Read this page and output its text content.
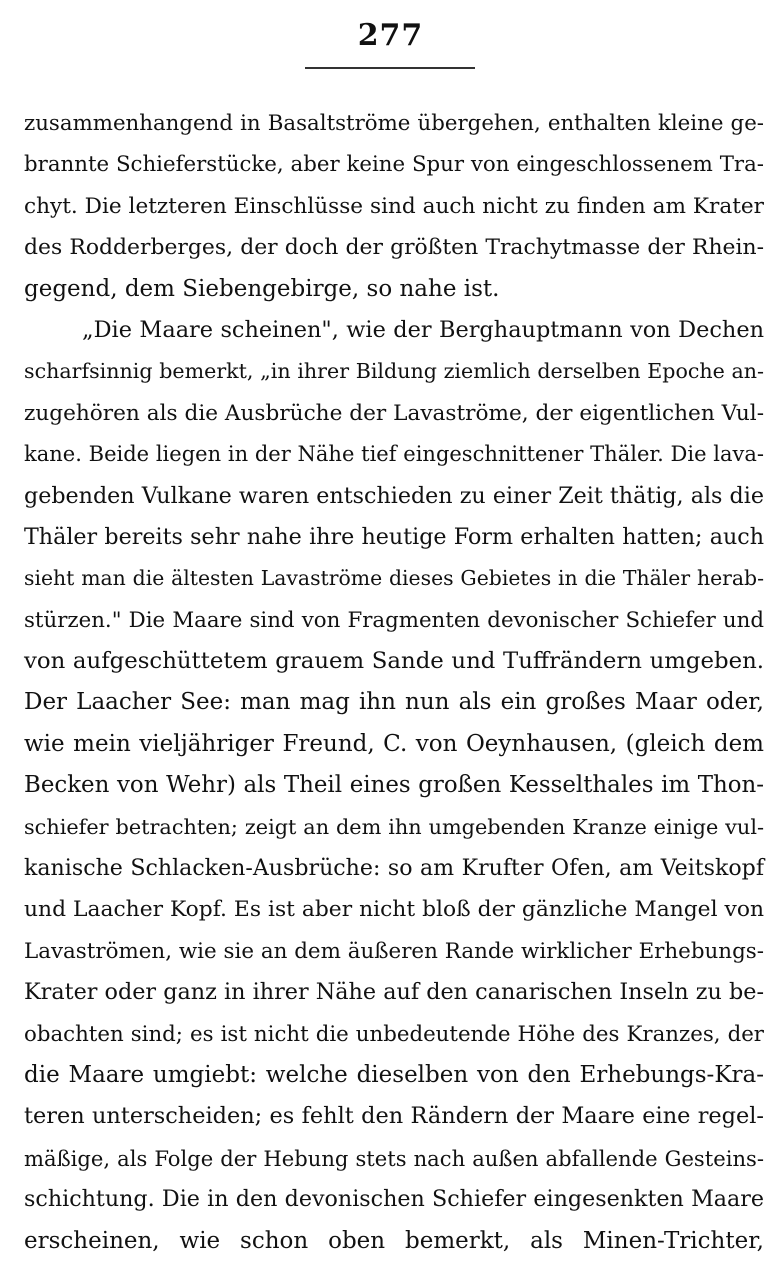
277
zusammenhangend in Basaltströme übergehen, enthalten kleine ge-
brannte Schieferstücke, aber keine Spur von eingeschlossenem Tra-
chyt. Die letzteren Einschlüsse sind auch nicht zu finden am Krater
des Rodderberges, der doch der größten Trachytmasse der Rhein-
gegend, dem Siebengebirge, so nahe ist.
„Die Maare scheinen", wie der Berghauptmann von Dechen
scharfsinnig bemerkt, „in ihrer Bildung ziemlich derselben Epoche an-
zugehören als die Ausbrüche der Lavaströme, der eigentlichen Vul-
kane. Beide liegen in der Nähe tief eingeschnittener Thäler. Die lava-
gebenden Vulkane waren entschieden zu einer Zeit thätig, als die
Thäler bereits sehr nahe ihre heutige Form erhalten hatten; auch
sieht man die ältesten Lavaströme dieses Gebietes in die Thäler herab-
stürzen." Die Maare sind von Fragmenten devonischer Schiefer und
von aufgeschüttetem grauem Sande und Tuffrändern umgeben.
Der Laacher See: man mag ihn nun als ein großes Maar oder,
wie mein vieljähriger Freund, C. von Oeynhausen, (gleich dem
Becken von Wehr) als Theil eines großen Kesselthales im Thon-
schiefer betrachten; zeigt an dem ihn umgebenden Kranze einige vul-
kanische Schlacken-Ausbrüche: so am Krufter Ofen, am Veitskopf
und Laacher Kopf. Es ist aber nicht bloß der gänzliche Mangel von
Lavaströmen, wie sie an dem äußeren Rande wirklicher Erhebungs-
Krater oder ganz in ihrer Nähe auf den canarischen Inseln zu be-
obachten sind; es ist nicht die unbedeutende Höhe des Kranzes, der
die Maare umgiebt: welche dieselben von den Erhebungs-Kra-
teren unterscheiden; es fehlt den Rändern der Maare eine regel-
mäßige, als Folge der Hebung stets nach außen abfallende Gesteins-
schichtung. Die in den devonischen Schiefer eingesenkten Maare
erscheinen, wie schon oben bemerkt, als Minen-Trichter,
